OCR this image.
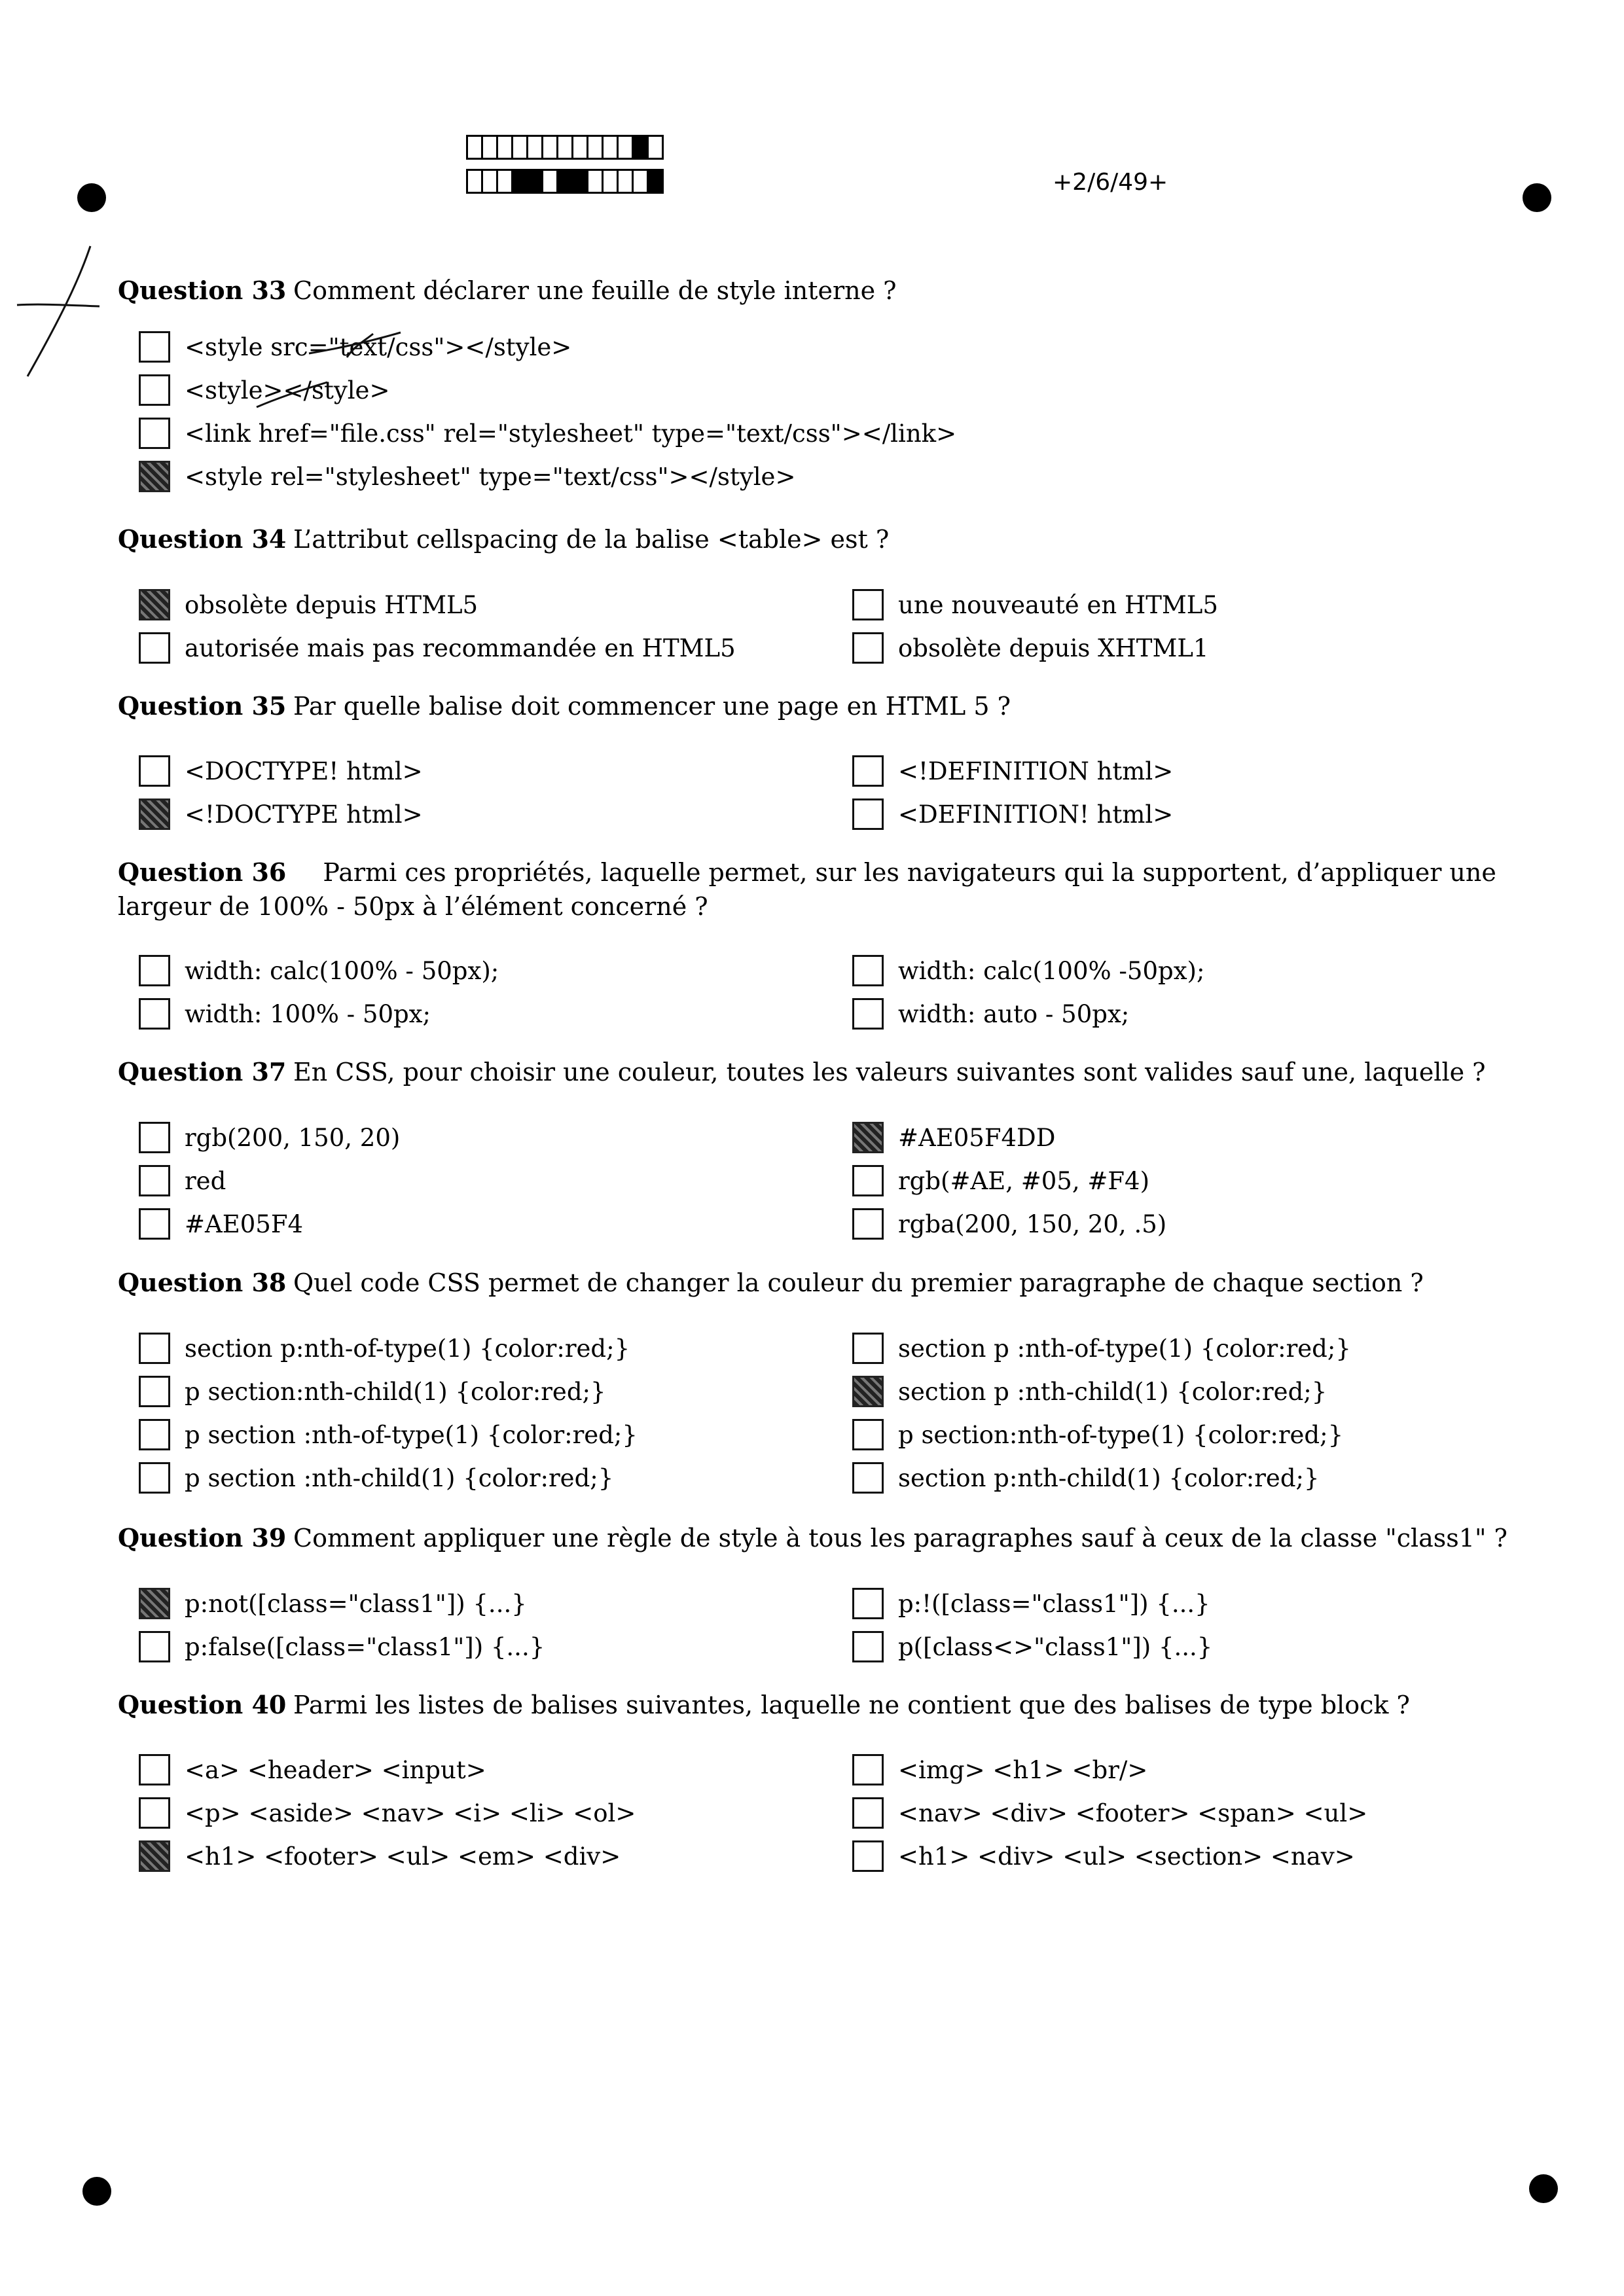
+2/6/49+
Question 33 Comment déclarer une feuille de style interne ?
Question 34 L’attribut cellspacing de la balise <table> est ?
Question 35 Par quelle balise doit commencer une page en HTML 5 ?
Question 36 Parmi ces propriétés, laquelle permet, sur les navigateurs qui la supportent, d’appliquer une largeur de 100% - 50px à l’élément concerné ?
Question 37 En CSS, pour choisir une couleur, toutes les valeurs suivantes sont valides sauf une, laquelle ?
Question 38 Quel code CSS permet de changer la couleur du premier paragraphe de chaque section ?
Question 39 Comment appliquer une règle de style à tous les paragraphes sauf à ceux de la classe "class1" ?
Question 40 Parmi les listes de balises suivantes, laquelle ne contient que des balises de type block ?
<style src="text/css"></style>
<style></style>
<link href="file.css" rel="stylesheet" type="text/css"></link>
<style rel="stylesheet" type="text/css"></style>
obsolète depuis HTML5
autorisée mais pas recommandée en HTML5
une nouveauté en HTML5
obsolète depuis XHTML1
<DOCTYPE! html>
<!DOCTYPE html>
<!DEFINITION html>
<DEFINITION! html>
width: calc(100% - 50px);
width: 100% - 50px;
width: calc(100% -50px);
width: auto - 50px;
rgb(200, 150, 20)
red
#AE05F4
#AE05F4DD
rgb(#AE, #05, #F4)
rgba(200, 150, 20, .5)
section p:nth-of-type(1) {color:red;}
p section:nth-child(1) {color:red;}
p section :nth-of-type(1) {color:red;}
p section :nth-child(1) {color:red;}
section p :nth-of-type(1) {color:red;}
section p :nth-child(1) {color:red;}
p section:nth-of-type(1) {color:red;}
section p:nth-child(1) {color:red;}
p:not([class="class1"]) {...}
p:false([class="class1"]) {...}
p:!([class="class1"]) {...}
p([class<>"class1"]) {...}
<a> <header> <input>
<p> <aside> <nav> <i> <li> <ol>
<h1> <footer> <ul> <em> <div>
<img> <h1> <br/>
<nav> <div> <footer> <span> <ul>
<h1> <div> <ul> <section> <nav>
